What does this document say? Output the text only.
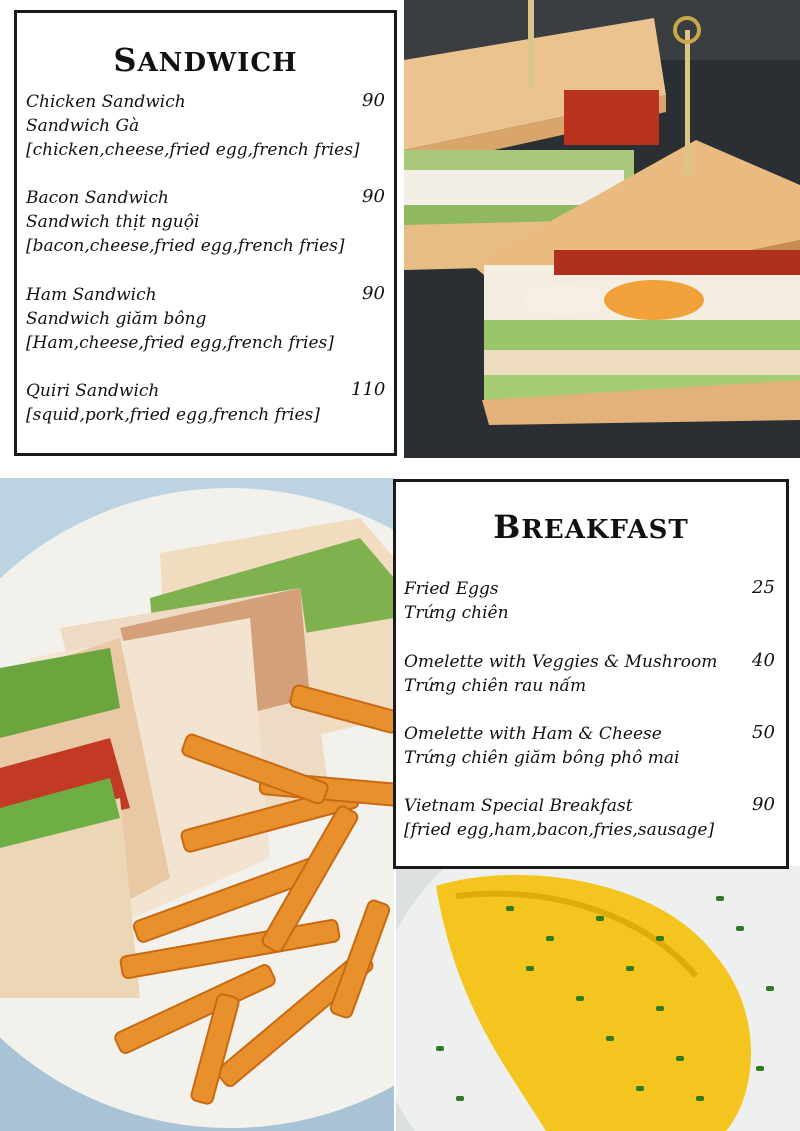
SANDWICH
Chicken Sandwich
Sandwich Gà
[chicken,cheese,fried egg,french fries]
90
Bacon Sandwich
Sandwich thịt nguội
[bacon,cheese,fried egg,french fries]
90
Ham Sandwich
Sandwich giăm bông
[Ham,cheese,fried egg,french fries]
90
Quiri Sandwich
[squid,pork,fried egg,french fries]
110
BREAKFAST
Fried Eggs
Trứng chiên
25
Omelette with Veggies & Mushroom
Trứng chiên rau nấm
40
Omelette with Ham & Cheese
Trứng chiên giăm bông phô mai
50
Vietnam Special Breakfast
[fried egg,ham,bacon,fries,sausage]
90
